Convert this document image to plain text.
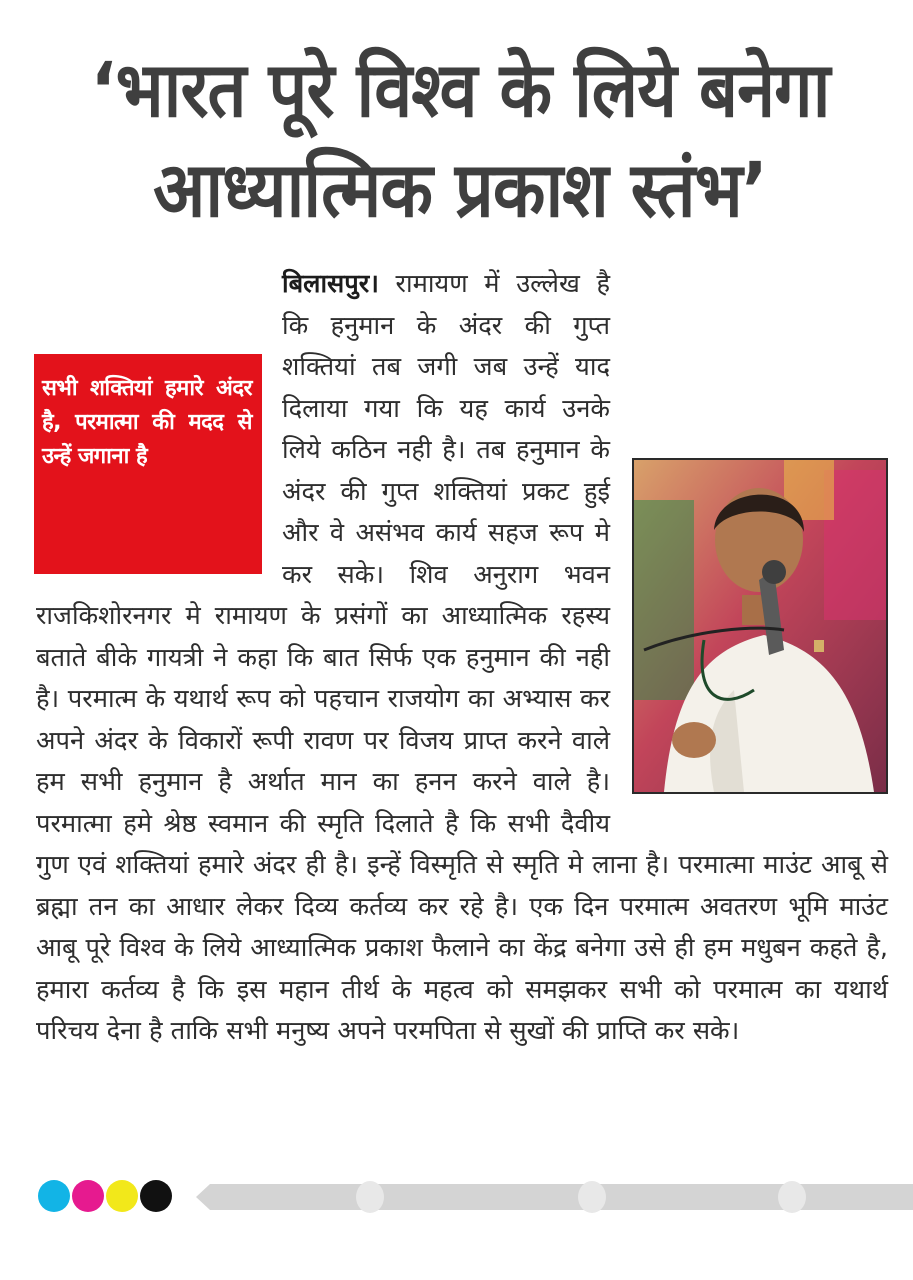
‘भारत पूरे विश्व के लिये बनेगा
आध्यात्मिक प्रकाश स्तंभ’
सभी शक्तियां हमारे अंदर है, परमात्मा की मदद से उन्हें जगाना है
बिलासपुर। रामायण में उल्लेख है कि हनुमान के अंदर की गुप्त शक्तियां तब जगी जब उन्हें याद दिलाया गया कि यह कार्य उनके लिये कठिन नही है। तब हनुमान के अंदर की गुप्त शक्तियां प्रकट हुई और वे असंभव कार्य सहज रूप मे कर सके। शिव अनुराग भवन राजकिशोरनगर मे रामायण के प्रसंगों का आध्यात्मिक रहस्य बताते बीके गायत्री ने कहा कि बात सिर्फ एक हनुमान की नही है। परमात्म के यथार्थ रूप को पहचान राजयोग का अभ्यास कर अपने अंदर के विकारों रूपी रावण पर विजय प्राप्त करने वाले हम सभी हनुमान है अर्थात मान का हनन करने वाले है। परमात्मा हमे श्रेष्ठ स्वमान की स्मृति दिलाते है कि सभी दैवीय गुण एवं शक्तियां हमारे अंदर ही है। इन्हें विस्मृति से स्मृति मे लाना है। परमात्मा माउंट आबू से ब्रह्मा तन का आधार लेकर दिव्य कर्तव्य कर रहे है। एक दिन परमात्म अवतरण भूमि माउंट आबू पूरे विश्व के लिये आध्यात्मिक प्रकाश फैलाने का केंद्र बनेगा उसे ही हम मधुबन कहते है, हमारा कर्तव्य है कि इस महान तीर्थ के महत्व को समझकर सभी को परमात्म का यथार्थ परिचय देना है ताकि सभी मनुष्य अपने परमपिता से सुखों की प्राप्ति कर सके।
